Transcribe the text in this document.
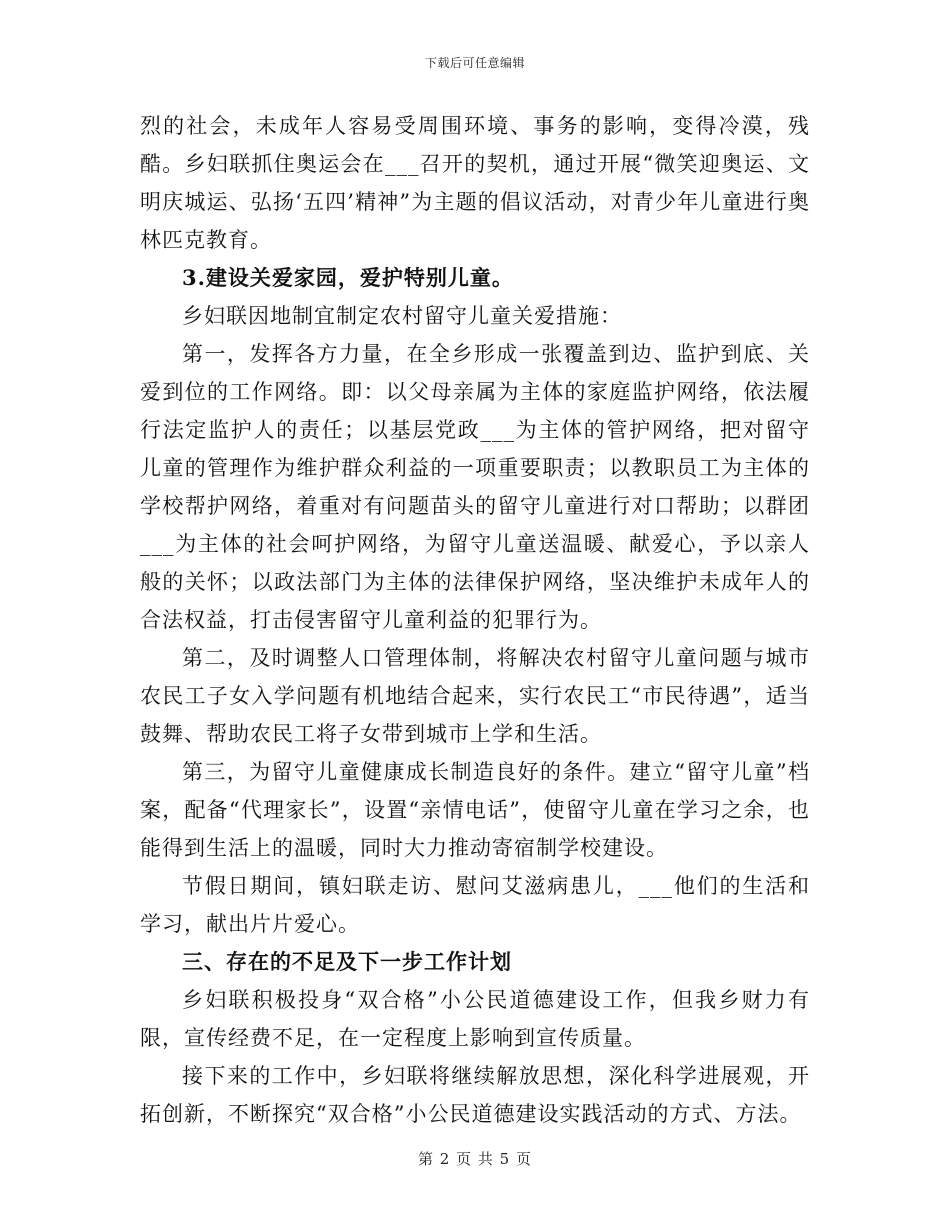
下载后可任意编辑

烈的社会，未成年人容易受周围环境、事务的影响，变得冷漠，残酷。乡妇联抓住奥运会在___召开的契机，通过开展“微笑迎奥运、文明庆城运、弘扬‘五四’精神”为主题的倡议活动，对青少年儿童进行奥林匹克教育。

3.建设关爱家园，爱护特别儿童。

乡妇联因地制宜制定农村留守儿童关爱措施：

第一，发挥各方力量，在全乡形成一张覆盖到边、监护到底、关爱到位的工作网络。即：以父母亲属为主体的家庭监护网络，依法履行法定监护人的责任；以基层党政___为主体的管护网络，把对留守儿童的管理作为维护群众利益的一项重要职责；以教职员工为主体的学校帮护网络，着重对有问题苗头的留守儿童进行对口帮助；以群团___为主体的社会呵护网络，为留守儿童送温暖、献爱心，予以亲人般的关怀；以政法部门为主体的法律保护网络，坚决维护未成年人的合法权益，打击侵害留守儿童利益的犯罪行为。

第二，及时调整人口管理体制，将解决农村留守儿童问题与城市农民工子女入学问题有机地结合起来，实行农民工“市民待遇”，适当鼓舞、帮助农民工将子女带到城市上学和生活。

第三，为留守儿童健康成长制造良好的条件。建立“留守儿童”档案，配备“代理家长”，设置“亲情电话”，使留守儿童在学习之余，也能得到生活上的温暖，同时大力推动寄宿制学校建设。

节假日期间，镇妇联走访、慰问艾滋病患儿，___他们的生活和学习，献出片片爱心。

三、存在的不足及下一步工作计划

乡妇联积极投身“双合格”小公民道德建设工作，但我乡财力有限，宣传经费不足，在一定程度上影响到宣传质量。

接下来的工作中，乡妇联将继续解放思想，深化科学进展观，开拓创新，不断探究“双合格”小公民道德建设实践活动的方式、方法。

第 2 页 共 5 页
